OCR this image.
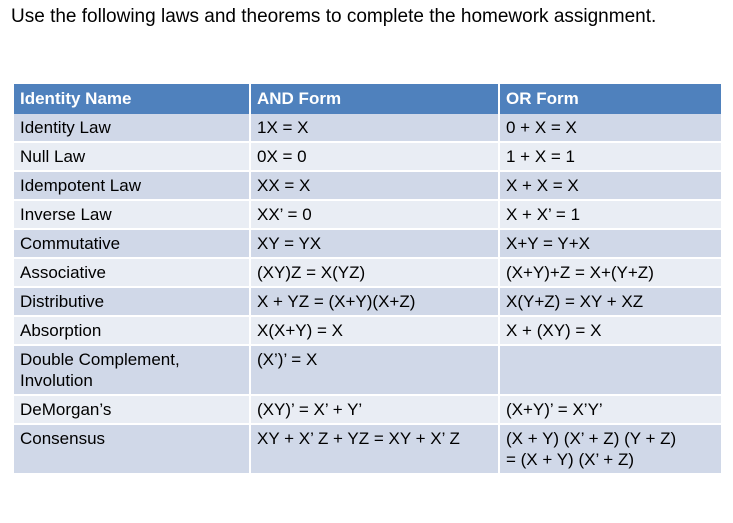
Use the following laws and theorems to complete the homework assignment.

Identity Name	AND Form	OR Form
Identity Law	1X = X	0 + X = X
Null Law	0X = 0	1 + X = 1
Idempotent Law	XX = X	X + X = X
Inverse Law	XX’ = 0	X + X’ = 1
Commutative	XY = YX	X+Y = Y+X
Associative	(XY)Z = X(YZ)	(X+Y)+Z = X+(Y+Z)
Distributive	X + YZ = (X+Y)(X+Z)	X(Y+Z) = XY + XZ
Absorption	X(X+Y) = X	X + (XY) = X
Double Complement, Involution	(X’)’ = X	
DeMorgan’s	(XY)’ = X’ + Y’	(X+Y)’ = X’Y’
Consensus	XY + X’ Z + YZ = XY + X’ Z	(X + Y) (X’ + Z) (Y + Z)
= (X + Y) (X’ + Z)
